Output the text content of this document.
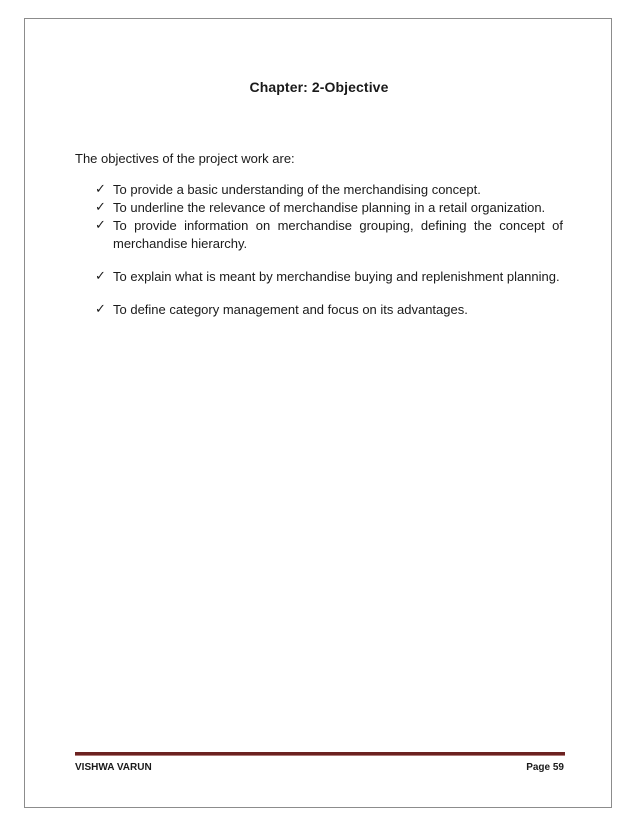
Chapter: 2-Objective
The objectives of the project work are:
✓ To provide a basic understanding of the merchandising concept.
✓ To underline the relevance of merchandise planning in a retail organization.
✓ To provide information on merchandise grouping, defining the concept of merchandise hierarchy.
✓ To explain what is meant by merchandise buying and replenishment planning.
✓ To define category management and focus on its advantages.
VISHWA VARUN	Page 59
